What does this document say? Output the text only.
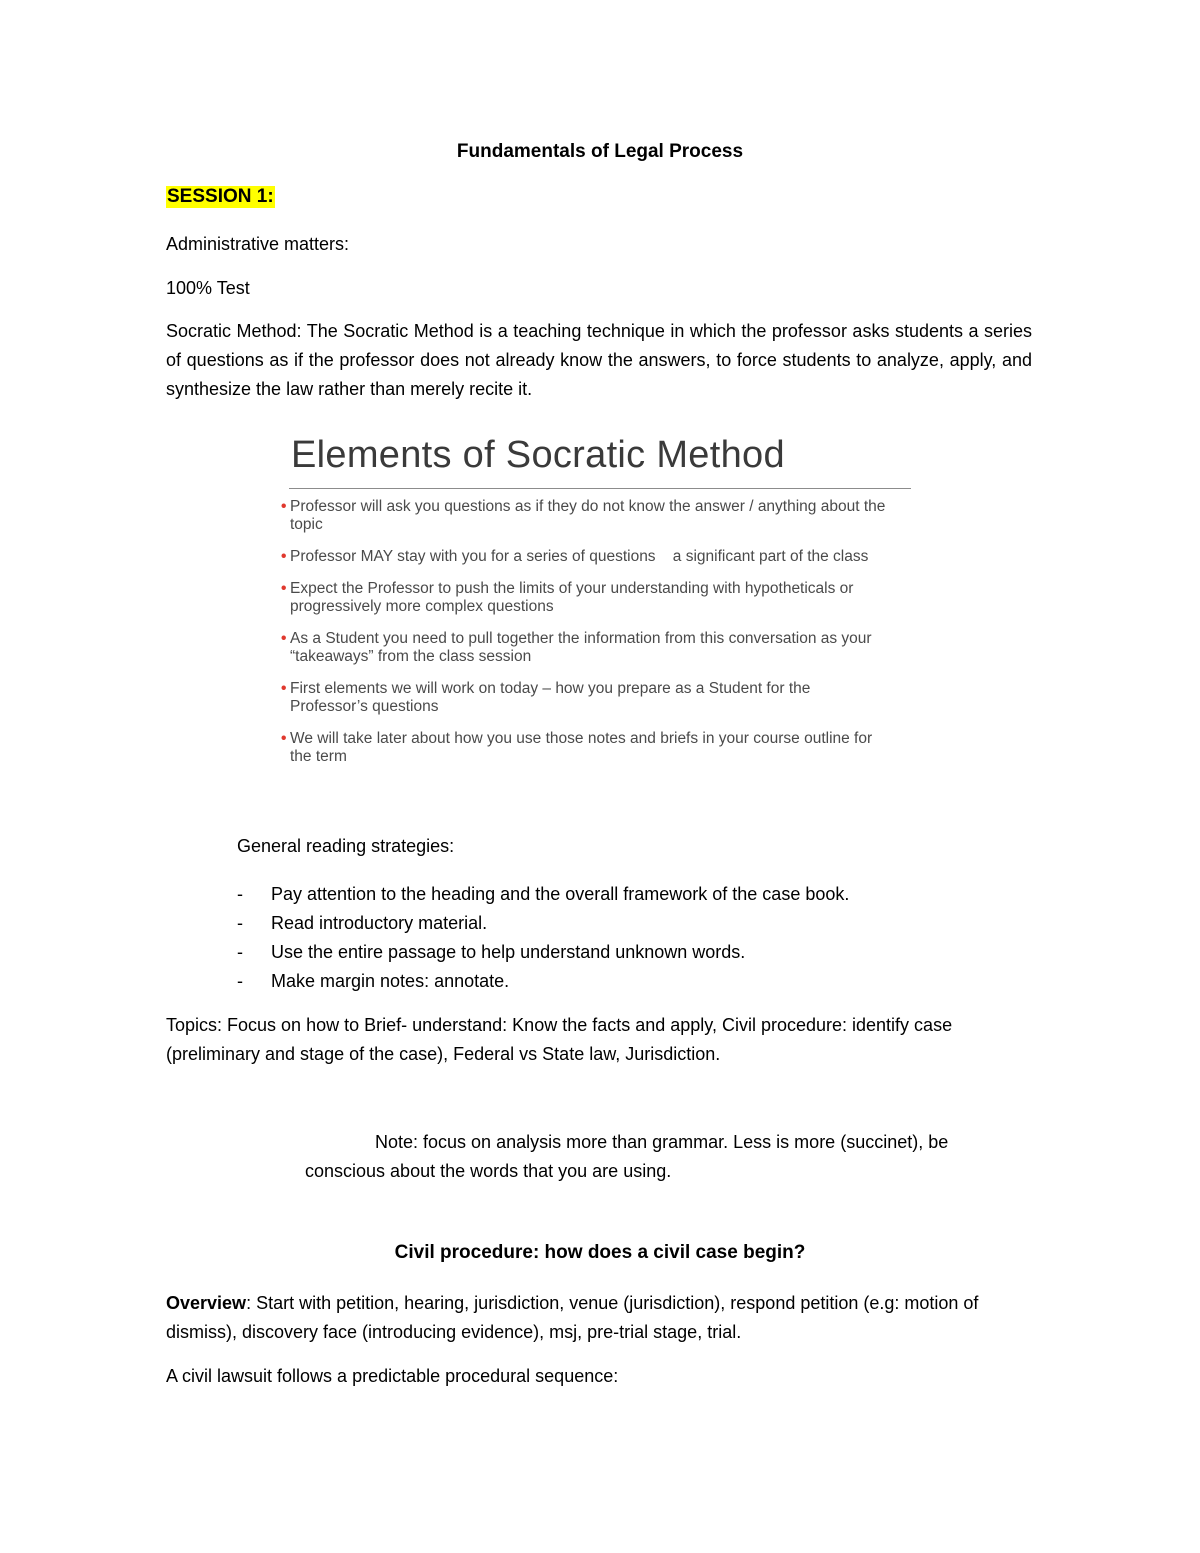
Fundamentals of Legal Process
SESSION 1:
Administrative matters:
100% Test
Socratic Method: The Socratic Method is a teaching technique in which the professor asks students a series of questions as if the professor does not already know the answers, to force students to analyze, apply, and synthesize the law rather than merely recite it.
Elements of Socratic Method
• Professor will ask you questions as if they do not know the answer / anything about the topic
• Professor MAY stay with you for a series of questions    a significant part of the class
• Expect the Professor to push the limits of your understanding with hypotheticals or progressively more complex questions
• As a Student you need to pull together the information from this conversation as your “takeaways” from the class session
• First elements we will work on today – how you prepare as a Student for the Professor’s questions
• We will take later about how you use those notes and briefs in your course outline for the term
General reading strategies:
- Pay attention to the heading and the overall framework of the case book.
- Read introductory material.
- Use the entire passage to help understand unknown words.
- Make margin notes: annotate.
Topics: Focus on how to Brief- understand: Know the facts and apply, Civil procedure: identify case (preliminary and stage of the case), Federal vs State law, Jurisdiction.
Note: focus on analysis more than grammar. Less is more (succinet), be
conscious about the words that you are using.
Civil procedure: how does a civil case begin?
Overview: Start with petition, hearing, jurisdiction, venue (jurisdiction), respond petition (e.g: motion of dismiss), discovery face (introducing evidence), msj, pre-trial stage, trial.
A civil lawsuit follows a predictable procedural sequence:
